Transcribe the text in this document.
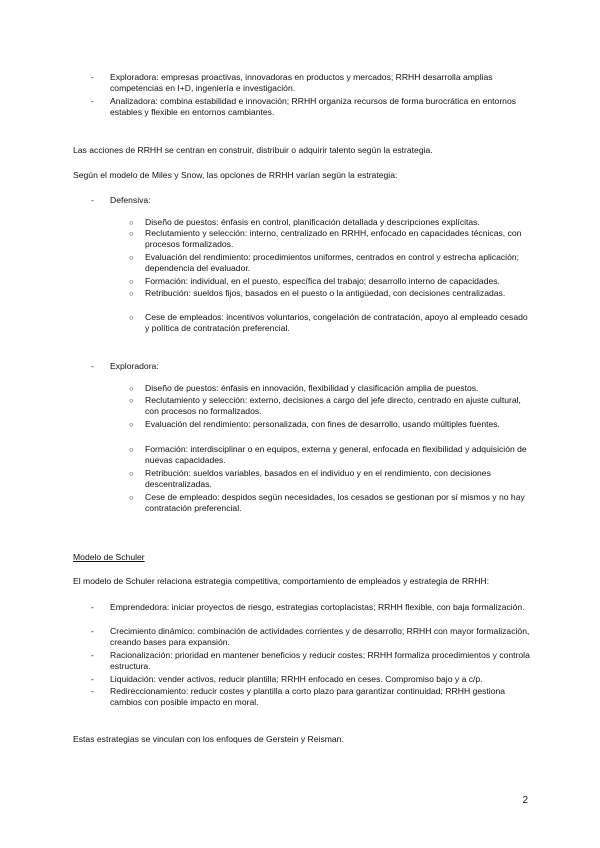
- Exploradora: empresas proactivas, innovadoras en productos y mercados; RRHH desarrolla amplias competencias en I+D, ingeniería e investigación.
- Analizadora: combina estabilidad e innovación; RRHH organiza recursos de forma burocrática en entornos estables y flexible en entornos cambiantes.
Las acciones de RRHH se centran en construir, distribuir o adquirir talento según la estrategia.
Según el modelo de Miles y Snow, las opciones de RRHH varían según la estrategia:
- Defensiva:
○ Diseño de puestos: énfasis en control, planificación detallada y descripciones explícitas.
○ Reclutamiento y selección: interno, centralizado en RRHH, enfocado en capacidades técnicas, con procesos formalizados.
○ Evaluación del rendimiento: procedimientos uniformes, centrados en control y estrecha aplicación; dependencia del evaluador.
○ Formación: individual, en el puesto, específica del trabajo; desarrollo interno de capacidades.
○ Retribución: sueldos fijos, basados en el puesto o la antigüedad, con decisiones centralizadas.
○ Cese de empleados: incentivos voluntarios, congelación de contratación, apoyo al empleado cesado y política de contratación preferencial.
- Exploradora:
○ Diseño de puestos: énfasis en innovación, flexibilidad y clasificación amplia de puestos.
○ Reclutamiento y selección: externo, decisiones a cargo del jefe directo, centrado en ajuste cultural, con procesos no formalizados.
○ Evaluación del rendimiento: personalizada, con fines de desarrollo, usando múltiples fuentes.
○ Formación: interdisciplinar o en equipos, externa y general, enfocada en flexibilidad y adquisición de nuevas capacidades.
○ Retribución: sueldos variables, basados en el individuo y en el rendimiento, con decisiones descentralizadas.
○ Cese de empleado: despidos según necesidades, los cesados se gestionan por sí mismos y no hay contratación preferencial.
Modelo de Schuler
El modelo de Schuler relaciona estrategia competitiva, comportamiento de empleados y estrategia de RRHH:
- Emprendedora: iniciar proyectos de riesgo, estrategias cortoplacistas; RRHH flexible, con baja formalización.
- Crecimiento dinámico: combinación de actividades corrientes y de desarrollo; RRHH con mayor formalización, creando bases para expansión.
- Racionalización: prioridad en mantener beneficios y reducir costes; RRHH formaliza procedimientos y controla estructura.
- Liquidación: vender activos, reducir plantilla; RRHH enfocado en ceses. Compromiso bajo y a c/p.
- Redireccionamiento: reducir costes y plantilla a corto plazo para garantizar continuidad; RRHH gestiona cambios con posible impacto en moral.
Estas estrategias se vinculan con los enfoques de Gerstein y Reisman.
2
